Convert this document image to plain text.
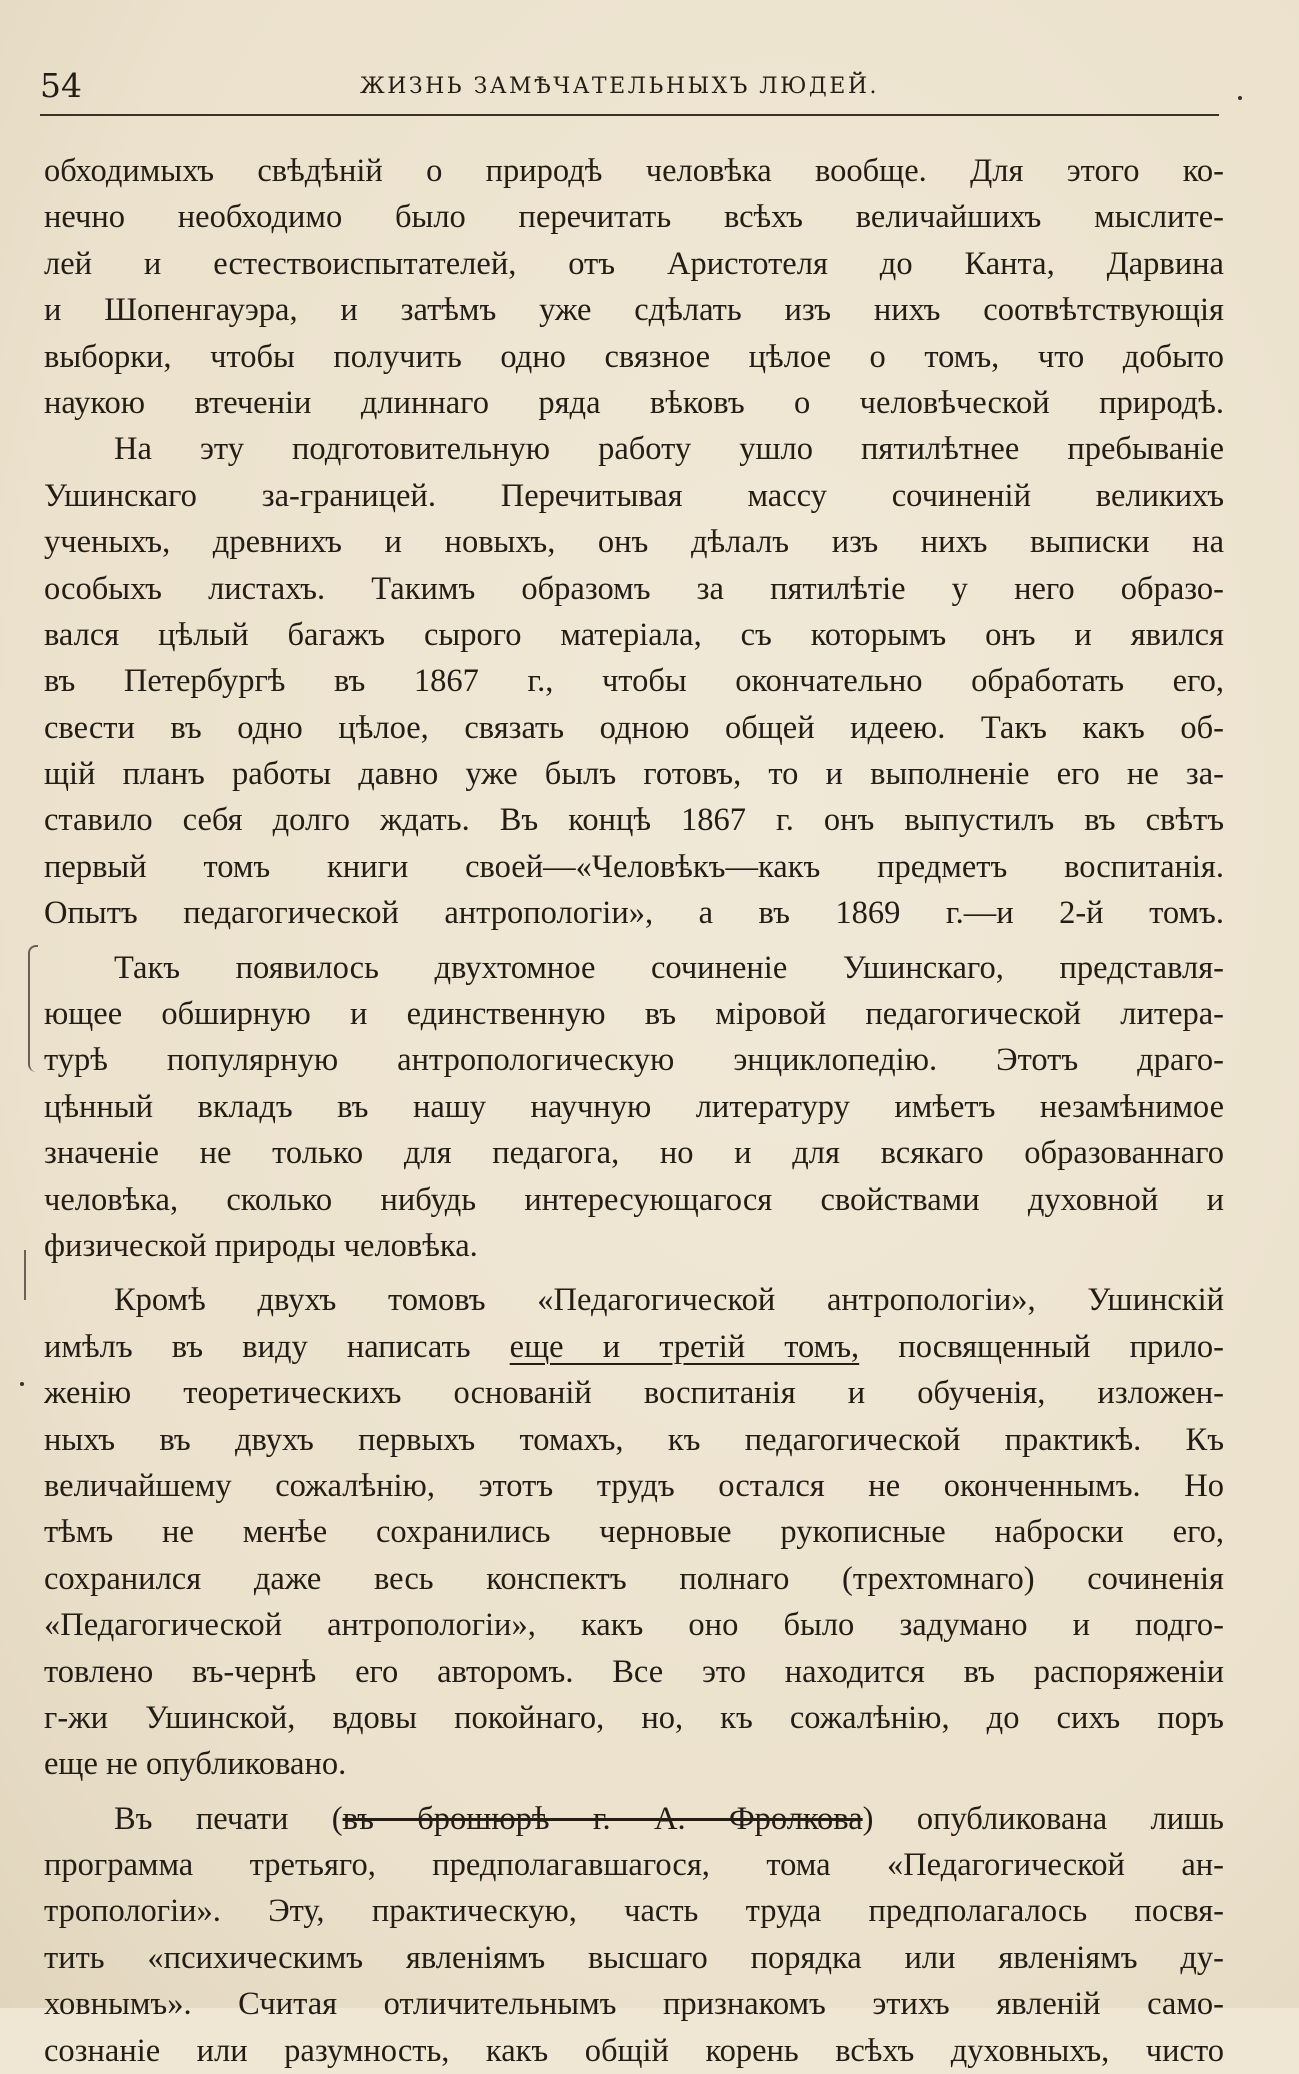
54	ЖИЗНЬ ЗАМѢЧАТЕЛЬНЫХЪ ЛЮДЕЙ.
обходимыхъ свѣдѣній о природѣ человѣка вообще. Для этого ко-
нечно необходимо было перечитать всѣхъ величайшихъ мыслите-
лей и естествоиспытателей, отъ Аристотеля до Канта, Дарвина
и Шопенгауэра, и затѣмъ уже сдѣлать изъ нихъ соотвѣтствующія
выборки, чтобы получить одно связное цѣлое о томъ, что добыто
наукою втеченіи длиннаго ряда вѣковъ о человѣческой природѣ.
На эту подготовительную работу ушло пятилѣтнее пребываніе
Ушинскаго за-границей. Перечитывая массу сочиненій великихъ
ученыхъ, древнихъ и новыхъ, онъ дѣлалъ изъ нихъ выписки на
особыхъ листахъ. Такимъ образомъ за пятилѣтіе у него образо-
вался цѣлый багажъ сырого матеріала, съ которымъ онъ и явился
въ Петербургѣ въ 1867 г., чтобы окончательно обработать его,
свести въ одно цѣлое, связать одною общей идеею. Такъ какъ об-
щій планъ работы давно уже былъ готовъ, то и выполненіе его не за-
ставило себя долго ждать. Въ концѣ 1867 г. онъ выпустилъ въ свѣтъ
первый томъ книги своей—«Человѣкъ—какъ предметъ воспитанія.
Опытъ педагогической антропологіи», а въ 1869 г.—и 2-й томъ.
Такъ появилось двухтомное сочиненіе Ушинскаго, представля-
ющее обширную и единственную въ міровой педагогической литера-
турѣ популярную антропологическую энциклопедію. Этотъ драго-
цѣнный вкладъ въ нашу научную литературу имѣетъ незамѣнимое
значеніе не только для педагога, но и для всякаго образованнаго
человѣка, сколько нибудь интересующагося свойствами духовной и
физической природы человѣка.
Кромѣ двухъ томовъ «Педагогической антропологіи», Ушинскій
имѣлъ въ виду написать еще и третій томъ, посвященный прило-
женію теоретическихъ основаній воспитанія и обученія, изложен-
ныхъ въ двухъ первыхъ томахъ, къ педагогической практикѣ. Къ
величайшему сожалѣнію, этотъ трудъ остался не оконченнымъ. Но
тѣмъ не менѣе сохранились черновые рукописные наброски его,
сохранился даже весь конспектъ полнаго (трехтомнаго) сочиненія
«Педагогической антропологіи», какъ оно было задумано и подго-
товлено въ-чернѣ его авторомъ. Все это находится въ распоряженіи
г-жи Ушинской, вдовы покойнаго, но, къ сожалѣнію, до сихъ поръ
еще не опубликовано.
Въ печати (въ брошюрѣ г. А. Фролкова) опубликована лишь
программа третьяго, предполагавшагося, тома «Педагогической ан-
тропологіи». Эту, практическую, часть труда предполагалось посвя-
тить «психическимъ явленіямъ высшаго порядка или явленіямъ ду-
ховнымъ». Считая отличительнымъ признакомъ этихъ явленій само-
сознаніе или разумность, какъ общій корень всѣхъ духовныхъ, чисто
